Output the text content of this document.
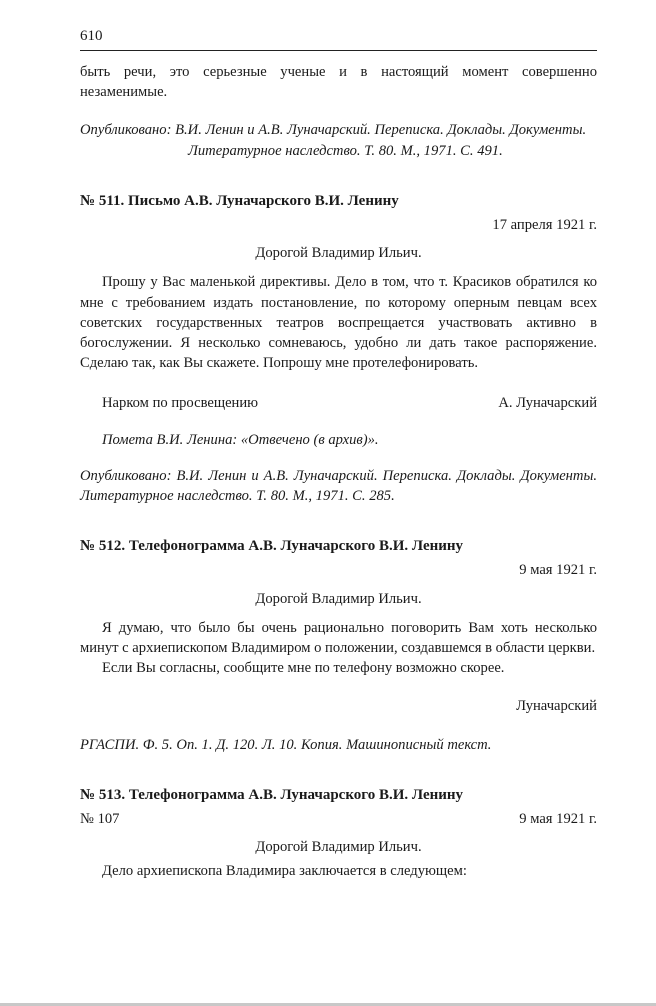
610

быть речи, это серьезные ученые и в настоящий момент совершенно незаменимые.

Опубликовано: В.И. Ленин и А.В. Луначарский. Переписка. Доклады. Документы. Литературное наследство. Т. 80. М., 1971. С. 491.

№ 511. Письмо А.В. Луначарского В.И. Ленину

17 апреля 1921 г.

Дорогой Владимир Ильич.

Прошу у Вас маленькой директивы. Дело в том, что т. Красиков обратился ко мне с требованием издать постановление, по которому оперным певцам всех советских государственных театров воспрещается участвовать активно в богослужении. Я несколько сомневаюсь, удобно ли дать такое распоряжение. Сделаю так, как Вы скажете. Попрошу мне протелефонировать.

Нарком по просвещению	А. Луначарский

Помета В.И. Ленина: «Отвечено (в архив)».

Опубликовано: В.И. Ленин и А.В. Луначарский. Переписка. Доклады. Документы. Литературное наследство. Т. 80. М., 1971. С. 285.

№ 512. Телефонограмма А.В. Луначарского В.И. Ленину

9 мая 1921 г.

Дорогой Владимир Ильич.

Я думаю, что было бы очень рационально поговорить Вам хоть несколько минут с архиепископом Владимиром о положении, создавшемся в области церкви.

Если Вы согласны, сообщите мне по телефону возможно скорее.

Луначарский

РГАСПИ. Ф. 5. Оп. 1. Д. 120. Л. 10. Копия. Машинописный текст.

№ 513. Телефонограмма А.В. Луначарского В.И. Ленину

№ 107	9 мая 1921 г.

Дорогой Владимир Ильич.

Дело архиепископа Владимира заключается в следующем:
